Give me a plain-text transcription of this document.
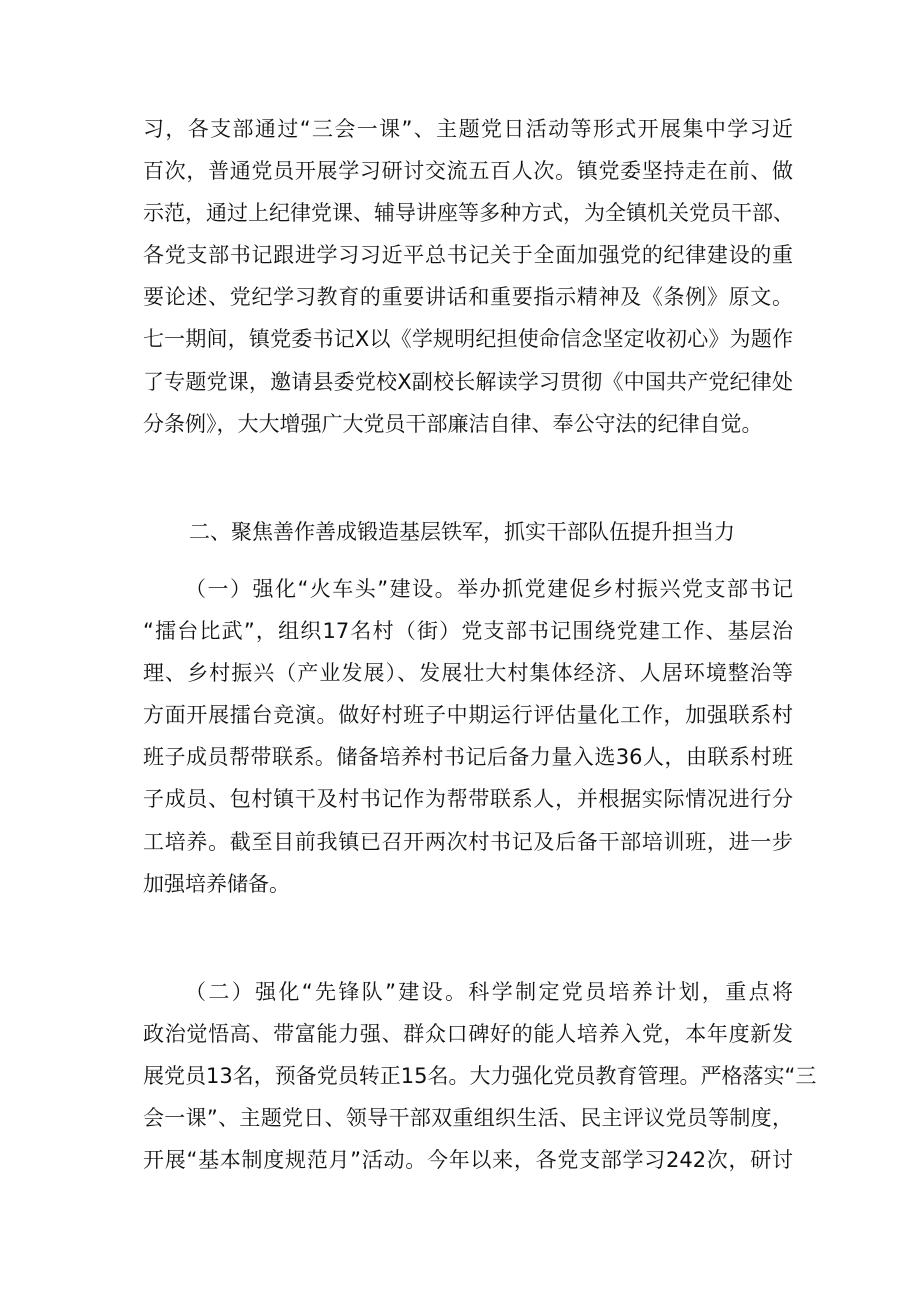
习，各支部通过“三会一课”、主题党日活动等形式开展集中学习近
百次，普通党员开展学习研讨交流五百人次。镇党委坚持走在前、做
示范，通过上纪律党课、辅导讲座等多种方式，为全镇机关党员干部、
各党支部书记跟进学习习近平总书记关于全面加强党的纪律建设的重
要论述、党纪学习教育的重要讲话和重要指示精神及《条例》原文。
七一期间，镇党委书记X以《学规明纪担使命信念坚定收初心》为题作
了专题党课，邀请县委党校X副校长解读学习贯彻《中国共产党纪律处
分条例》，大大增强广大党员干部廉洁自律、奉公守法的纪律自觉。
二、聚焦善作善成锻造基层铁军，抓实干部队伍提升担当力
（一）强化“火车头”建设。举办抓党建促乡村振兴党支部书记
“擂台比武”，组织17名村（街）党支部书记围绕党建工作、基层治
理、乡村振兴（产业发展）、发展壮大村集体经济、人居环境整治等
方面开展擂台竞演。做好村班子中期运行评估量化工作，加强联系村
班子成员帮带联系。储备培养村书记后备力量入选36人，由联系村班
子成员、包村镇干及村书记作为帮带联系人，并根据实际情况进行分
工培养。截至目前我镇已召开两次村书记及后备干部培训班，进一步
加强培养储备。
（二）强化“先锋队”建设。科学制定党员培养计划，重点将
政治觉悟高、带富能力强、群众口碑好的能人培养入党，本年度新发
展党员13名，预备党员转正15名。大力强化党员教育管理。严格落实“三
会一课”、主题党日、领导干部双重组织生活、民主评议党员等制度，
开展“基本制度规范月”活动。今年以来，各党支部学习242次，研讨
